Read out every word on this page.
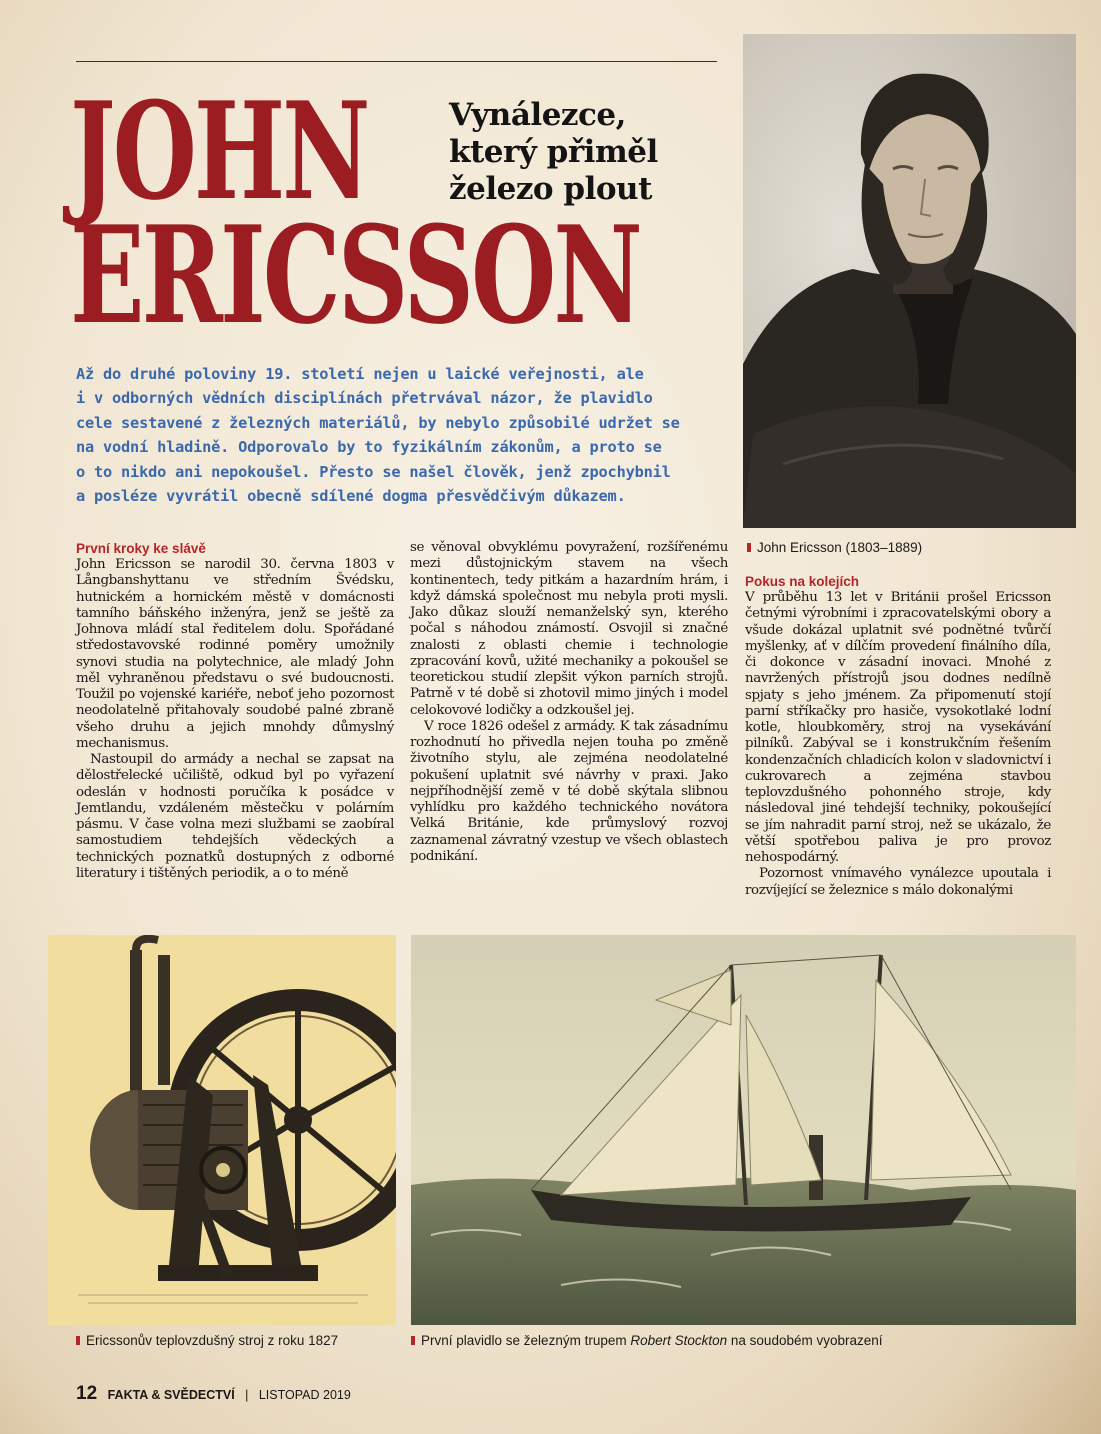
JOHN
ERICSSON
Vynálezce,
který přiměl
železo plout
Až do druhé poloviny 19. století nejen u laické veřejnosti, ale
i v odborných vědních disciplínách přetrvával názor, že plavidlo
cele sestavené z železných materiálů, by nebylo způsobilé udržet se
na vodní hladině. Odporovalo by to fyzikálním zákonům, a proto se
o to nikdo ani nepokoušel. Přesto se našel člověk, jenž zpochybnil
a posléze vyvrátil obecně sdílené dogma přesvědčivým důkazem.
John Ericsson (1803–1889)
První kroky ke slávě

John Ericsson se narodil 30. června 1803 v Långbanshyttanu ve středním Švédsku, hutnickém a hornickém městě v domácnosti tamního báňského inženýra, jenž se ještě za Johnova mládí stal ředitelem dolu. Spořádané středostavovské rodinné poměry umožnily synovi studia na polytechnice, ale mladý John měl vyhraněnou představu o své budoucnosti. Toužil po vojenské kariéře, neboť jeho pozornost neodolatelně přitahovaly soudobé palné zbraně všeho druhu a jejich mnohdy důmyslný mechanismus.

Nastoupil do armády a nechal se zapsat na dělostřelecké učiliště, odkud byl po vyřazení odeslán v hodnosti poručíka k posádce v Jemtlandu, vzdáleném městečku v polárním pásmu. V čase volna mezi službami se zaobíral samostudiem tehdejších vědeckých a technických poznatků dostupných z odborné literatury i tištěných periodik, a o to méně

se věnoval obvyklému povyražení, rozšířenému mezi důstojnickým stavem na všech kontinentech, tedy pitkám a hazardním hrám, i když dámská společnost mu nebyla proti mysli. Jako důkaz slouží nemanželský syn, kterého počal s náhodou známostí. Osvojil si značné znalosti z oblasti chemie i technologie zpracování kovů, užité mechaniky a pokoušel se teoretickou studií zlepšit výkon parních strojů. Patrně v té době si zhotovil mimo jiných i model celokovové lodičky a odzkoušel jej.

V roce 1826 odešel z armády. K tak zásadnímu rozhodnutí ho přivedla nejen touha po změně životního stylu, ale zejména neodolatelné pokušení uplatnit své návrhy v praxi. Jako nejpříhodnější země v té době skýtala slibnou vyhlídku pro každého technického novátora Velká Británie, kde průmyslový rozvoj zaznamenal závratný vzestup ve všech oblastech podnikání.

Pokus na kolejích

V průběhu 13 let v Británii prošel Ericsson četnými výrobními i zpracovatelskými obory a všude dokázal uplatnit své podnětné tvůrčí myšlenky, ať v dílčím provedení finálního díla, či dokonce v zásadní inovaci. Mnohé z navržených přístrojů jsou dodnes nedílně spjaty s jeho jménem. Za připomenutí stojí parní stříkačky pro hasiče, vysokotlaké lodní kotle, hloubkoměry, stroj na vysekávání pilníků. Zabýval se i konstrukčním řešením kondenzačních chladicích kolon v sladovnictví i cukrovarech a zejména stavbou teplovzdušného pohonného stroje, kdy následoval jiné tehdejší techniky, pokoušející se jím nahradit parní stroj, než se ukázalo, že větší spotřebou paliva je pro provoz nehospodárný.

Pozornost vnímavého vynálezce upoutala i rozvíjející se železnice s málo dokonalými

Ericssonův teplovzdušný stroj z roku 1827	První plavidlo se železným trupem Robert Stockton na soudobém vyobrazení
12 FAKTA & SVĚDECTVÍ | LISTOPAD 2019
